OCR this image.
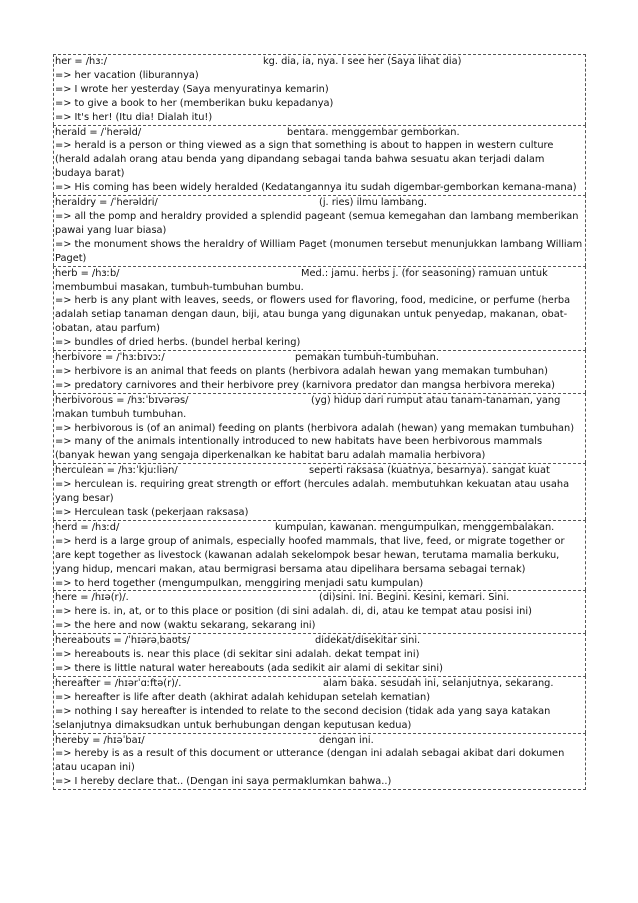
her = /hɜ:/	kg. dia, ia, nya. I see her (Saya lihat dia)
=> her vacation (liburannya)
=> I wrote her yesterday (Saya menyuratinya kemarin)
=> to give a book to her (memberikan buku kepadanya)
=> It's her! (Itu dia! Dialah itu!)
herald = /ˈherəld/	bentara. menggembar gemborkan.
=> herald is a person or thing viewed as a sign that something is about to happen in western culture (herald adalah orang atau benda yang dipandang sebagai tanda bahwa sesuatu akan terjadi dalam budaya barat)
=> His coming has been widely heralded (Kedatangannya itu sudah digembar-gemborkan kemana-mana)
heraldry = /ˈherəldri/	(j. ries) ilmu lambang.
=> all the pomp and heraldry provided a splendid pageant (semua kemegahan dan lambang memberikan pawai yang luar biasa)
=> the monument shows the heraldry of William Paget (monumen tersebut menunjukkan lambang William Paget)
herb = /hɜːb/	Med.: jamu. herbs j. (for seasoning) ramuan untuk membumbui masakan, tumbuh-tumbuhan bumbu.
=> herb is any plant with leaves, seeds, or flowers used for flavoring, food, medicine, or perfume (herba adalah setiap tanaman dengan daun, biji, atau bunga yang digunakan untuk penyedap, makanan, obat-obatan, atau parfum)
=> bundles of dried herbs. (bundel herbal kering)
herbivore = /ˈhɜːbɪvɔː/	pemakan tumbuh-tumbuhan.
=> herbivore is an animal that feeds on plants (herbivora adalah hewan yang memakan tumbuhan)
=> predatory carnivores and their herbivore prey (karnivora predator dan mangsa herbivora mereka)
herbivorous = /hɜːˈbɪvərəs/	(yg) hidup dari rumput atau tanam-tanaman, yang makan tumbuh tumbuhan.
=> herbivorous is (of an animal) feeding on plants (herbivora adalah (hewan) yang memakan tumbuhan)
=> many of the animals intentionally introduced to new habitats have been herbivorous mammals (banyak hewan yang sengaja diperkenalkan ke habitat baru adalah mamalia herbivora)
herculean = /hɜːˈkjuːliən/	seperti raksasa (kuatnya, besarnya). sangat kuat
=> herculean is. requiring great strength or effort (hercules adalah. membutuhkan kekuatan atau usaha yang besar)
=> Herculean task (pekerjaan raksasa)
herd = /hɜːd/	kumpulan, kawanan. mengumpulkan, menggembalakan.
=> herd is a large group of animals, especially hoofed mammals, that live, feed, or migrate together or are kept together as livestock (kawanan adalah sekelompok besar hewan, terutama mamalia berkuku, yang hidup, mencari makan, atau bermigrasi bersama atau dipelihara bersama sebagai ternak)
=> to herd together (mengumpulkan, menggiring menjadi satu kumpulan)
here = /hɪə(r)/.	(di)sini. Ini. Begini. Kesini, kemari. Sini.
=> here is. in, at, or to this place or position (di sini adalah. di, di, atau ke tempat atau posisi ini)
=> the here and now (waktu sekarang, sekarang ini)
hereabouts = /ˈhɪərəˌbaʊts/	didekat/disekitar sini.
=> hereabouts is. near this place (di sekitar sini adalah. dekat tempat ini)
=> there is little natural water hereabouts (ada sedikit air alami di sekitar sini)
hereafter = /hɪərˈɑːftə(r)/.	alam baka. sesudah ini, selanjutnya, sekarang.
=> hereafter is life after death (akhirat adalah kehidupan setelah kematian)
=> nothing I say hereafter is intended to relate to the second decision (tidak ada yang saya katakan selanjutnya dimaksudkan untuk berhubungan dengan keputusan kedua)
hereby = /hɪəˈbaɪ/	dengan ini.
=> hereby is as a result of this document or utterance (dengan ini adalah sebagai akibat dari dokumen atau ucapan ini)
=> I hereby declare that.. (Dengan ini saya permaklumkan bahwa..)
